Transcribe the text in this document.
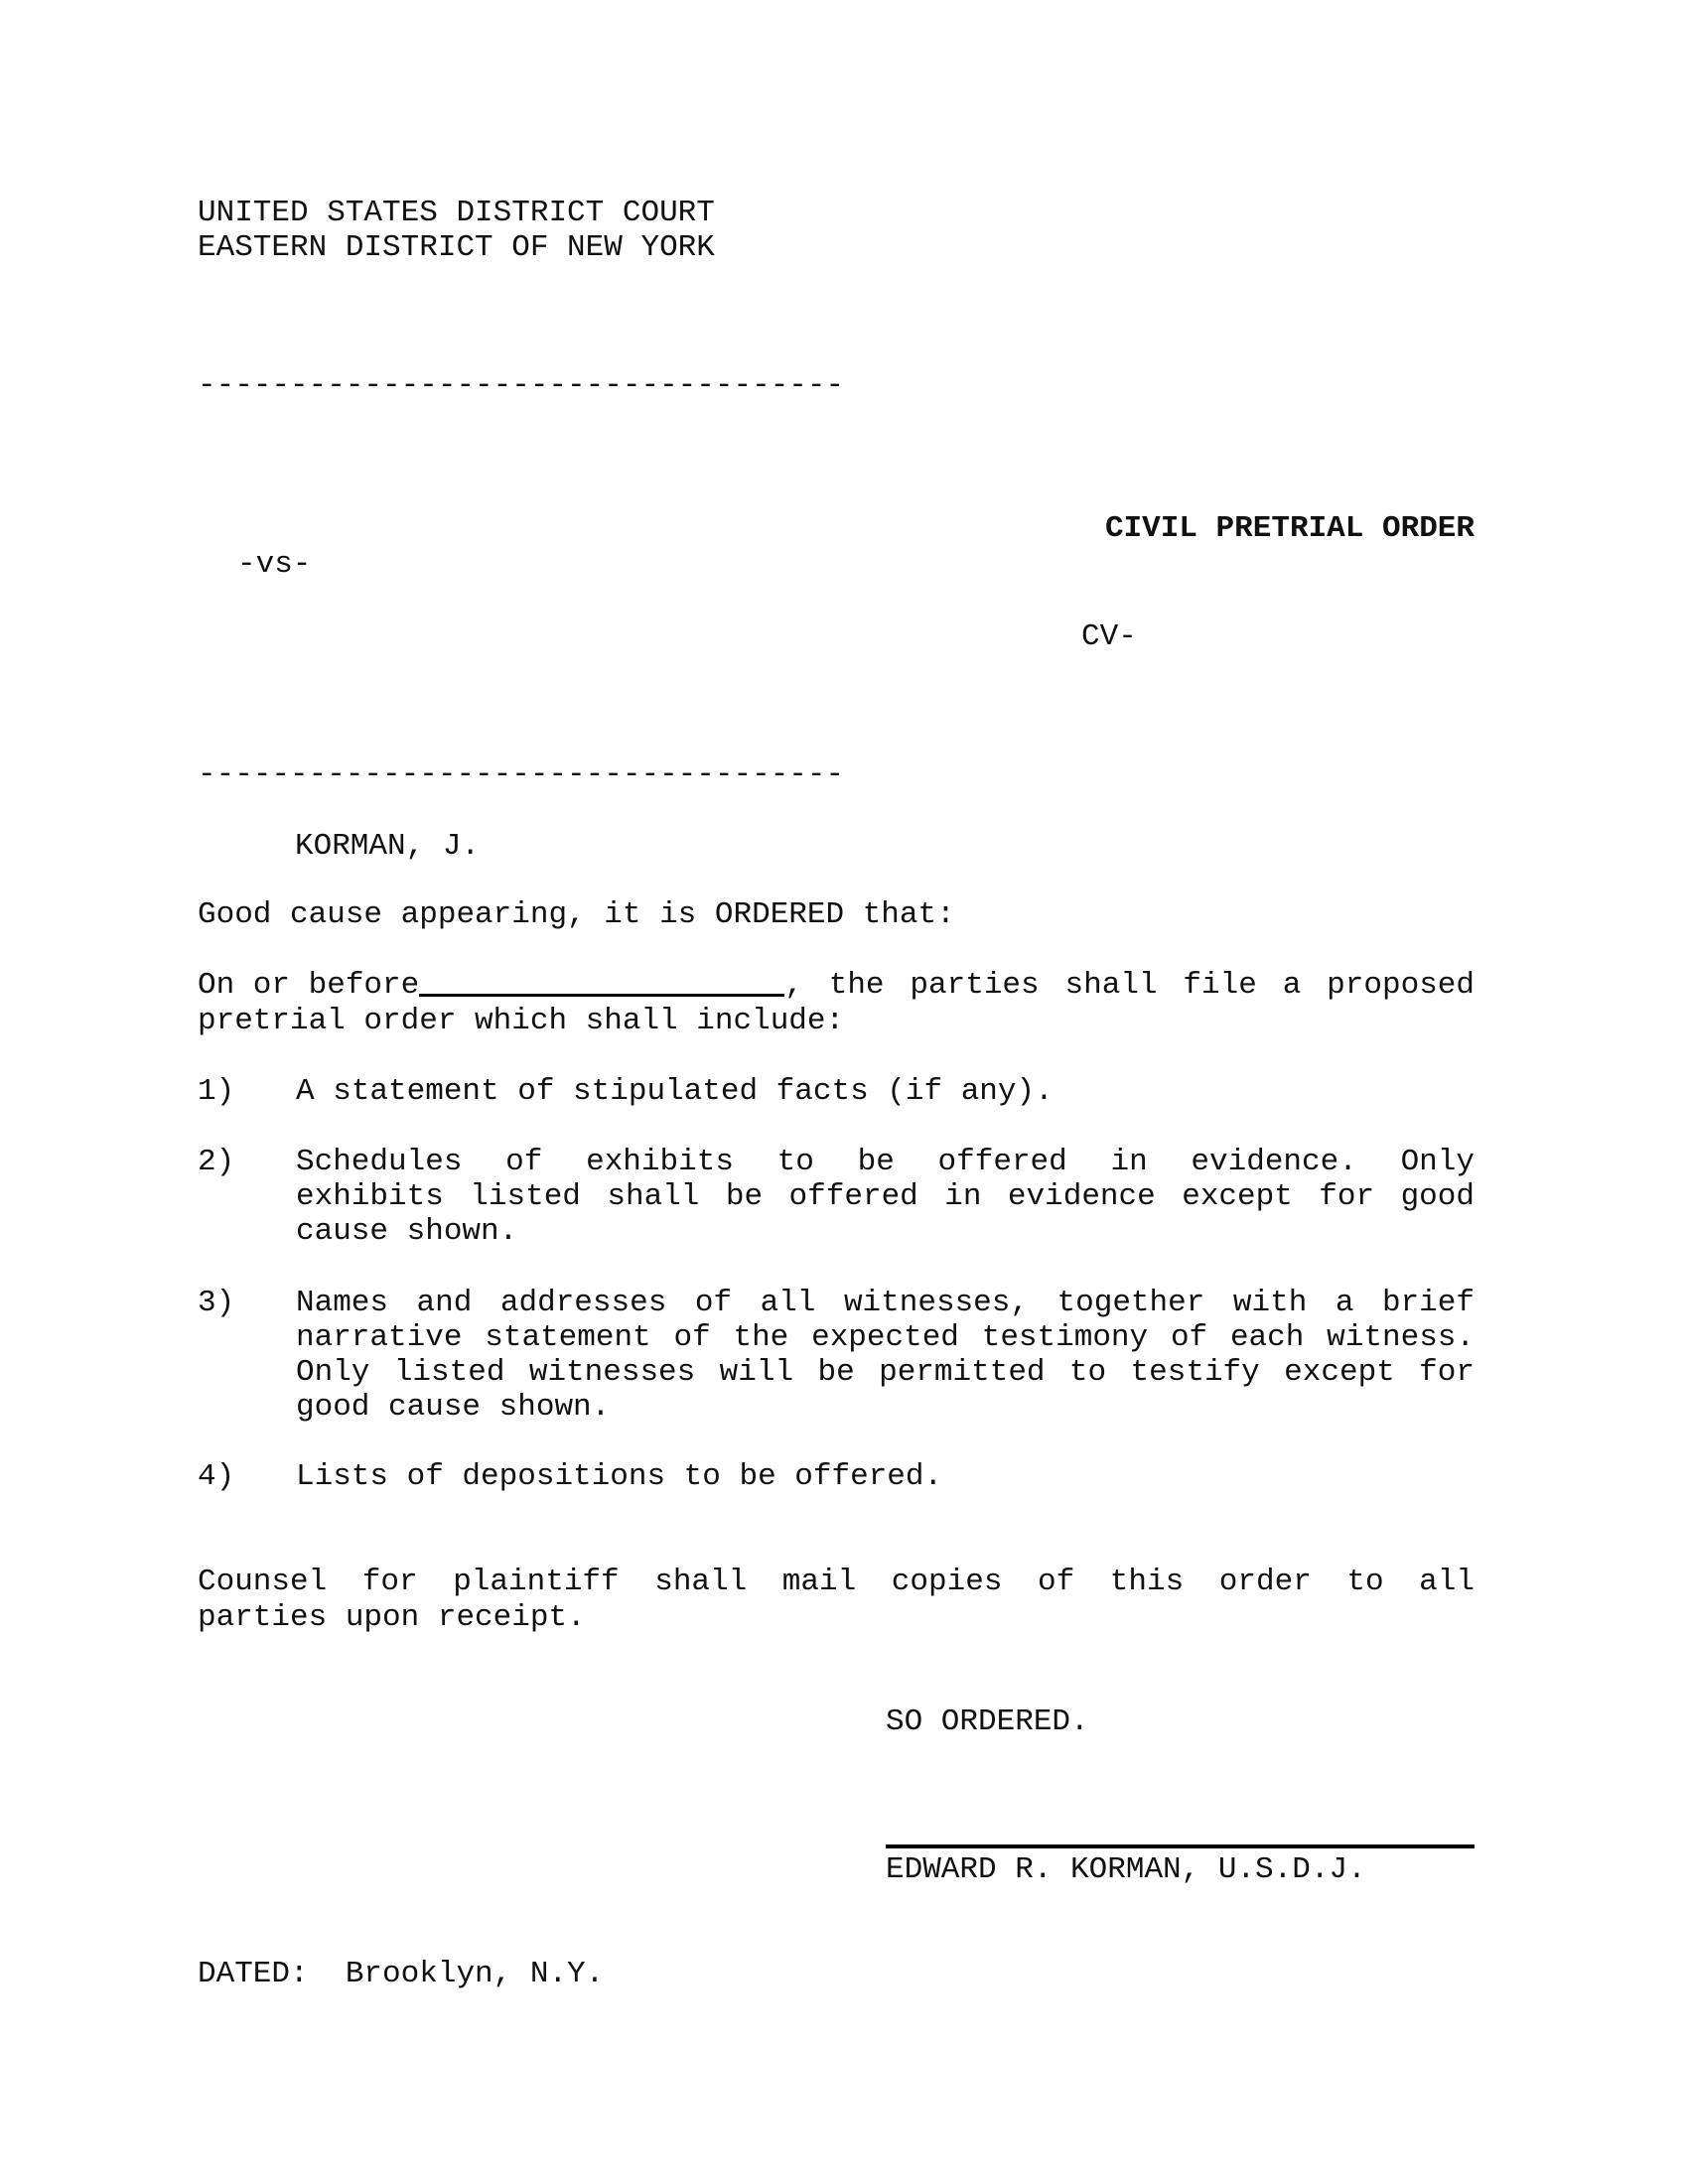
UNITED STATES DISTRICT COURT
EASTERN DISTRICT OF NEW YORK
-----------------------------------
CIVIL PRETRIAL ORDER
-vs-
CV-
-----------------------------------
KORMAN, J.
Good cause appearing, it is ORDERED that:
On or before	, the parties shall file a proposed
pretrial order which shall include:
1) A statement of stipulated facts (if any).
2) Schedules of exhibits to be offered in evidence. Only
exhibits listed shall be offered in evidence except for good
cause shown.
3) Names and addresses of all witnesses, together with a brief
narrative statement of the expected testimony of each witness.
Only listed witnesses will be permitted to testify except for
good cause shown.
4) Lists of depositions to be offered.
Counsel for plaintiff shall mail copies of this order to all
parties upon receipt.
SO ORDERED.
EDWARD R. KORMAN, U.S.D.J.
DATED:  Brooklyn, N.Y.
